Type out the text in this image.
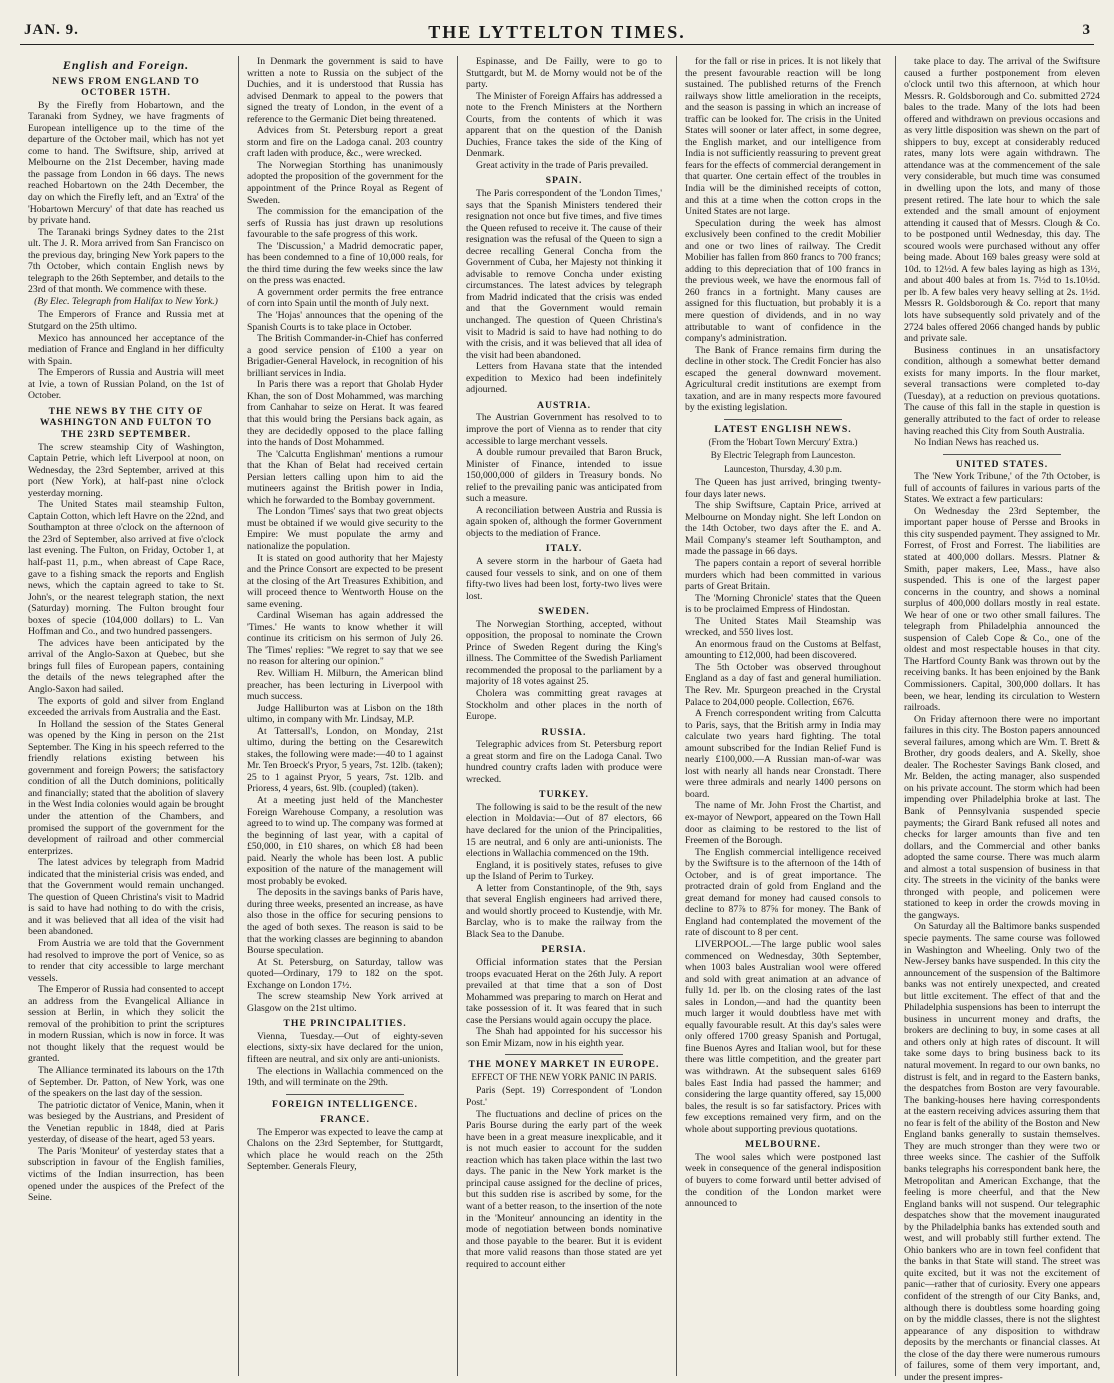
JAN. 9.	THE LYTTELTON TIMES.	3

English and Foreign.

NEWS FROM ENGLAND TO OCTOBER 15TH.

By the Firefly from Hobartown, and the Taranaki from Sydney, we have fragments of European intelligence up to the time of the departure of the October mail, which has not yet come to hand. The Swiftsure, ship, arrived at Melbourne on the 21st December, having made the passage from London in 66 days. The news reached Hobartown on the 24th December, the day on which the Firefly left, and an 'Extra' of the 'Hobartown Mercury' of that date has reached us by private hand.

The Taranaki brings Sydney dates to the 21st ult. The J. R. Mora arrived from San Francisco on the previous day, bringing New York papers to the 7th October, which contain English news by telegraph to the 26th September, and details to the 23rd of that month. We commence with these.

(By Elec. Telegraph from Halifax to New York.)

The Emperors of France and Russia met at Stutgard on the 25th ultimo.

Mexico has announced her acceptance of the mediation of France and England in her difficulty with Spain.

The Emperors of Russia and Austria will meet at Ivie, a town of Russian Poland, on the 1st of October.

THE NEWS BY THE CITY OF WASHINGTON AND FULTON TO THE 23RD SEPTEMBER.

The screw steamship City of Washington, Captain Petrie, which left Liverpool at noon, on Wednesday, the 23rd September, arrived at this port (New York), at half-past nine o'clock yesterday morning.

The United States mail steamship Fulton, Captain Cotton, which left Havre on the 22nd, and Southampton at three o'clock on the afternoon of the 23rd of September, also arrived at five o'clock last evening. The Fulton, on Friday, October 1, at half-past 11, p.m., when abreast of Cape Race, gave to a fishing smack the reports and English news, which the captain agreed to take to St. John's, or the nearest telegraph station, the next (Saturday) morning. The Fulton brought four boxes of specie (104,000 dollars) to L. Van Hoffman and Co., and two hundred passengers.

The advices have been anticipated by the arrival of the Anglo-Saxon at Quebec, but she brings full files of European papers, containing the details of the news telegraphed after the Anglo-Saxon had sailed.

The exports of gold and silver from England exceeded the arrivals from Australia and the East.

In Holland the session of the States General was opened by the King in person on the 21st September. The King in his speech referred to the friendly relations existing between his government and foreign Powers; the satisfactory condition of all the Dutch dominions, politically and financially; stated that the abolition of slavery in the West India colonies would again be brought under the attention of the Chambers, and promised the support of the government for the development of railroad and other commercial enterprizes.

The latest advices by telegraph from Madrid indicated that the ministerial crisis was ended, and that the Government would remain unchanged. The question of Queen Christina's visit to Madrid is said to have had nothing to do with the crisis, and it was believed that all idea of the visit had been abandoned.

From Austria we are told that the Government had resolved to improve the port of Venice, so as to render that city accessible to large merchant vessels.

The Emperor of Russia had consented to accept an address from the Evangelical Alliance in session at Berlin, in which they solicit the removal of the prohibition to print the scriptures in modern Russian, which is now in force. It was not thought likely that the request would be granted.

The Alliance terminated its labours on the 17th of September. Dr. Patton, of New York, was one of the speakers on the last day of the session.

The patriotic dictator of Venice, Manin, when it was besieged by the Austrians, and President of the Venetian republic in 1848, died at Paris yesterday, of disease of the heart, aged 53 years.

The Paris 'Moniteur' of yesterday states that a subscription in favour of the English families, victims of the Indian insurrection, has been opened under the auspices of the Prefect of the Seine.

In Denmark the government is said to have written a note to Russia on the subject of the Duchies, and it is understood that Russia has advised Denmark to appeal to the powers that signed the treaty of London, in the event of a reference to the Germanic Diet being threatened.

Advices from St. Petersburg report a great storm and fire on the Ladoga canal. 203 country craft laden with produce, &c., were wrecked.

The Norwegian Storthing has unanimously adopted the proposition of the government for the appointment of the Prince Royal as Regent of Sweden.

The commission for the emancipation of the serfs of Russia has just drawn up resolutions favourable to the safe progress of this work.

The 'Discussion,' a Madrid democratic paper, has been condemned to a fine of 10,000 reals, for the third time during the few weeks since the law on the press was enacted.

A government order permits the free entrance of corn into Spain until the month of July next.

The 'Hojas' announces that the opening of the Spanish Courts is to take place in October.

The British Commander-in-Chief has conferred a good service pension of £100 a year on Brigadier-General Havelock, in recognition of his brilliant services in India.

In Paris there was a report that Gholab Hyder Khan, the son of Dost Mohammed, was marching from Canhahar to seize on Herat. It was feared that this would bring the Persians back again, as they are decidedly opposed to the place falling into the hands of Dost Mohammed.

The 'Calcutta Englishman' mentions a rumour that the Khan of Belat had received certain Persian letters calling upon him to aid the mutineers against the British power in India, which he forwarded to the Bombay government.

The London 'Times' says that two great objects must be obtained if we would give security to the Empire: We must populate the army and nationalize the population.

It is stated on good authority that her Majesty and the Prince Consort are expected to be present at the closing of the Art Treasures Exhibition, and will proceed thence to Wentworth House on the same evening.

Cardinal Wiseman has again addressed the 'Times.' He wants to know whether it will continue its criticism on his sermon of July 26. The 'Times' replies: "We regret to say that we see no reason for altering our opinion."

Rev. William H. Milburn, the American blind preacher, has been lecturing in Liverpool with much success.

Judge Halliburton was at Lisbon on the 18th ultimo, in company with Mr. Lindsay, M.P.

At Tattersall's, London, on Monday, 21st ultimo, during the betting on the Cesarewitch stakes, the following were made:—40 to 1 against Mr. Ten Broeck's Pryor, 5 years, 7st. 12lb. (taken); 25 to 1 against Pryor, 5 years, 7st. 12lb. and Prioress, 4 years, 6st. 9lb. (coupled) (taken).

At a meeting just held of the Manchester Foreign Warehouse Company, a resolution was agreed to to wind up. The company was formed at the beginning of last year, with a capital of £50,000, in £10 shares, on which £8 had been paid. Nearly the whole has been lost. A public exposition of the nature of the management will most probably be evoked.

The deposits in the savings banks of Paris have, during three weeks, presented an increase, as have also those in the office for securing pensions to the aged of both sexes. The reason is said to be that the working classes are beginning to abandon Bourse speculation.

At St. Petersburg, on Saturday, tallow was quoted—Ordinary, 179 to 182 on the spot. Exchange on London 17½.

The screw steamship New York arrived at Glasgow on the 21st ultimo.

THE PRINCIPALITIES.

Vienna, Tuesday.—Out of eighty-seven elections, sixty-six have declared for the union, fifteen are neutral, and six only are anti-unionists.

The elections in Wallachia commenced on the 19th, and will terminate on the 29th.

FOREIGN INTELLIGENCE.

FRANCE.

The Emperor was expected to leave the camp at Chalons on the 23rd September, for Stuttgardt, which place he would reach on the 25th September. Generals Fleury,

Espinasse, and De Failly, were to go to Stuttgardt, but M. de Morny would not be of the party.

The Minister of Foreign Affairs has addressed a note to the French Ministers at the Northern Courts, from the contents of which it was apparent that on the question of the Danish Duchies, France takes the side of the King of Denmark.

Great activity in the trade of Paris prevailed.

SPAIN.

The Paris correspondent of the 'London Times,' says that the Spanish Ministers tendered their resignation not once but five times, and five times the Queen refused to receive it. The cause of their resignation was the refusal of the Queen to sign a decree recalling General Concha from the Government of Cuba, her Majesty not thinking it advisable to remove Concha under existing circumstances. The latest advices by telegraph from Madrid indicated that the crisis was ended and that the Government would remain unchanged. The question of Queen Christina's visit to Madrid is said to have had nothing to do with the crisis, and it was believed that all idea of the visit had been abandoned.

Letters from Havana state that the intended expedition to Mexico had been indefinitely adjourned.

AUSTRIA.

The Austrian Government has resolved to to improve the port of Vienna as to render that city accessible to large merchant vessels.

A double rumour prevailed that Baron Bruck, Minister of Finance, intended to issue 150,000,000 of gilders in Treasury bonds. No relief to the prevailing panic was anticipated from such a measure.

A reconciliation between Austria and Russia is again spoken of, although the former Government objects to the mediation of France.

ITALY.

A severe storm in the harbour of Gaeta had caused four vessels to sink, and on one of them fifty-two lives had been lost, forty-two lives were lost.

SWEDEN.

The Norwegian Storthing, accepted, without opposition, the proposal to nominate the Crown Prince of Sweden Regent during the King's illness. The Committee of the Swedish Parliament recommended the proposal to the parliament by a majority of 18 votes against 25.

Cholera was committing great ravages at Stockholm and other places in the north of Europe.

RUSSIA.

Telegraphic advices from St. Petersburg report a great storm and fire on the Ladoga Canal. Two hundred country crafts laden with produce were wrecked.

TURKEY.

The following is said to be the result of the new election in Moldavia:—Out of 87 electors, 66 have declared for the union of the Principalities, 15 are neutral, and 6 only are anti-unionists. The elections in Wallachia commenced on the 19th.

England, it is positively states, refuses to give up the Island of Perim to Turkey.

A letter from Constantinople, of the 9th, says that several English engineers had arrived there, and would shortly proceed to Kustendje, with Mr. Barclay, who is to make the railway from the Black Sea to the Danube.

PERSIA.

Official information states that the Persian troops evacuated Herat on the 26th July. A report prevailed at that time that a son of Dost Mohammed was preparing to march on Herat and take possession of it. It was feared that in such case the Persians would again occupy the place.

The Shah had appointed for his successor his son Emir Mizam, now in his eighth year.

THE MONEY MARKET IN EUROPE.

EFFECT OF THE NEW YORK PANIC IN PARIS.

Paris (Sept. 19) Correspondent of 'London Post.'

The fluctuations and decline of prices on the Paris Bourse during the early part of the week have been in a great measure inexplicable, and it is not much easier to account for the sudden reaction which has taken place within the last two days. The panic in the New York market is the principal cause assigned for the decline of prices, but this sudden rise is ascribed by some, for the want of a better reason, to the insertion of the note in the 'Moniteur' announcing an identity in the mode of negotiation between bonds nominative and those payable to the bearer. But it is evident that more valid reasons than those stated are yet required to account either

for the fall or rise in prices. It is not likely that the present favourable reaction will be long sustained. The published returns of the French railways show little amelioration in the receipts, and the season is passing in which an increase of traffic can be looked for. The crisis in the United States will sooner or later affect, in some degree, the English market, and our intelligence from India is not sufficiently reassuring to prevent great fears for the effects of commercial derangement in that quarter. One certain effect of the troubles in India will be the diminished receipts of cotton, and this at a time when the cotton crops in the United States are not large.

Speculation during the week has almost exclusively been confined to the credit Mobilier and one or two lines of railway. The Credit Mobilier has fallen from 860 francs to 700 francs; adding to this depreciation that of 100 francs in the previous week, we have the enormous fall of 260 francs in a fortnight. Many causes are assigned for this fluctuation, but probably it is a mere question of dividends, and in no way attributable to want of confidence in the company's administration.

The Bank of France remains firm during the decline in other stock. The Credit Foncier has also escaped the general downward movement. Agricultural credit institutions are exempt from taxation, and are in many respects more favoured by the existing legislation.

LATEST ENGLISH NEWS.

(From the 'Hobart Town Mercury' Extra.)

By Electric Telegraph from Launceston.

Launceston, Thursday, 4.30 p.m.

The Queen has just arrived, bringing twenty-four days later news.

The ship Swiftsure, Captain Price, arrived at Melbourne on Monday night. She left London on the 14th October, two days after the E. and A. Mail Company's steamer left Southampton, and made the passage in 66 days.

The papers contain a report of several horrible murders which had been committed in various parts of Great Britain.

The 'Morning Chronicle' states that the Queen is to be proclaimed Empress of Hindostan.

The United States Mail Steamship was wrecked, and 550 lives lost.

An enormous fraud on the Customs at Belfast, amounting to £12,000, had been discovered.

The 5th October was observed throughout England as a day of fast and general humiliation. The Rev. Mr. Spurgeon preached in the Crystal Palace to 204,000 people. Collection, £676.

A French correspondent writing from Calcutta to Paris, says, that the British army in India may calculate two years hard fighting. The total amount subscribed for the Indian Relief Fund is nearly £100,000.—A Russian man-of-war was lost with nearly all hands near Cronstadt. There were three admirals and nearly 1400 persons on board.

The name of Mr. John Frost the Chartist, and ex-mayor of Newport, appeared on the Town Hall door as claiming to be restored to the list of Freemen of the Borough.

The English commercial intelligence received by the Swiftsure is to the afternoon of the 14th of October, and is of great importance. The protracted drain of gold from England and the great demand for money had caused consols to decline to 87⅞ to 87⅝ for money. The Bank of England had contemplated the movement of the rate of discount to 8 per cent.

LIVERPOOL.—The large public wool sales commenced on Wednesday, 30th September, when 1003 bales Australian wool were offered and sold with great animation at an advance of fully 1d. per lb. on the closing rates of the last sales in London,—and had the quantity been much larger it would doubtless have met with equally favourable result. At this day's sales were only offered 1700 greasy Spanish and Portugal, fine Buenos Ayres and Italian wool, but for these there was little competition, and the greater part was withdrawn. At the subsequent sales 6169 bales East India had passed the hammer; and considering the large quantity offered, say 15,000 bales, the result is so far satisfactory. Prices with few exceptions remained very firm, and on the whole about supporting previous quotations.

MELBOURNE.

The wool sales which were postponed last week in consequence of the general indisposition of buyers to come forward until better advised of the condition of the London market were announced to

take place to day. The arrival of the Swiftsure caused a further postponement from eleven o'clock until two this afternoon, at which hour Messrs. R. Goldsborough and Co. submitted 2724 bales to the trade. Many of the lots had been offered and withdrawn on previous occasions and as very little disposition was shewn on the part of shippers to buy, except at considerably reduced rates, many lots were again withdrawn. The attendance was at the commencement of the sale very considerable, but much time was consumed in dwelling upon the lots, and many of those present retired. The late hour to which the sale extended and the small amount of enjoyment attending it caused that of Messrs. Clough & Co. to be postponed until Wednesday, this day. The scoured wools were purchased without any offer being made. About 169 bales greasy were sold at 10d. to 12½d. A few bales laying as high as 13½, and about 400 bales at from 1s. 7½d to 1s.10½d. per lb. A few bales very heavy selling at 2s. 1½d. Messrs R. Goldsborough & Co. report that many lots have subsequently sold privately and of the 2724 bales offered 2066 changed hands by public and private sale.

Business continues in an unsatisfactory condition, although a somewhat better demand exists for many imports. In the flour market, several transactions were completed to-day (Tuesday), at a reduction on previous quotations. The cause of this fall in the staple in question is generally attributed to the fact of order to release having reached this City from South Australia.

No Indian News has reached us.

UNITED STATES.

The 'New York Tribune,' of the 7th October, is full of accounts of failures in various parts of the States. We extract a few particulars:

On Wednesday the 23rd September, the important paper house of Persse and Brooks in this city suspended payment. They assigned to Mr. Forrest, of Frost and Forrest. The liabilities are stated at 400,000 dollars. Messrs. Platner & Smith, paper makers, Lee, Mass., have also suspended. This is one of the largest paper concerns in the country, and shows a nominal surplus of 400,000 dollars mostly in real estate. We hear of one or two other small failures. The telegraph from Philadelphia announced the suspension of Caleb Cope & Co., one of the oldest and most respectable houses in that city. The Hartford County Bank was thrown out by the receiving banks. It has been enjoined by the Bank Commissioners. Capital, 300,000 dollars. It has been, we hear, lending its circulation to Western railroads.

On Friday afternoon there were no important failures in this city. The Boston papers announced several failures, among which are Wm. T. Brett & Brother, dry goods dealers, and A. Skelly, shoe dealer. The Rochester Savings Bank closed, and Mr. Belden, the acting manager, also suspended on his private account. The storm which had been impending over Philadelphia broke at last. The Bank of Pennsylvania suspended specie payments; the Girard Bank refused all notes and checks for larger amounts than five and ten dollars, and the Commercial and other banks adopted the same course. There was much alarm and almost a total suspension of business in that city. The streets in the vicinity of the banks were thronged with people, and policemen were stationed to keep in order the crowds moving in the gangways.

On Saturday all the Baltimore banks suspended specie payments. The same course was followed in Washington and Wheeling. Only two of the New-Jersey banks have suspended. In this city the announcement of the suspension of the Baltimore banks was not entirely unexpected, and created but little excitement. The effect of that and the Philadelphia suspensions has been to interrupt the business in uncurrent money and drafts, the brokers are declining to buy, in some cases at all and others only at high rates of discount. It will take some days to bring business back to its natural movement. In regard to our own banks, no distrust is felt, and in regard to the Eastern banks, the despatches from Boston are very favourable. The banking-houses here having correspondents at the eastern receiving advices assuring them that no fear is felt of the ability of the Boston and New England banks generally to sustain themselves. They are much stronger than they were two or three weeks since. The cashier of the Suffolk banks telegraphs his correspondent bank here, the Metropolitan and American Exchange, that the feeling is more cheerful, and that the New England banks will not suspend. Our telegraphic despatches show that the movement inaugurated by the Philadelphia banks has extended south and west, and will probably still further extend. The Ohio bankers who are in town feel confident that the banks in that State will stand. The street was quite excited, but it was not the excitement of panic—rather that of curiosity. Every one appears confident of the strength of our City Banks, and, although there is doubtless some hoarding going on by the middle classes, there is not the slightest appearance of any disposition to withdraw deposits by the merchants or financial classes. At the close of the day there were numerous rumours of failures, some of them very important, and, under the present impres-
